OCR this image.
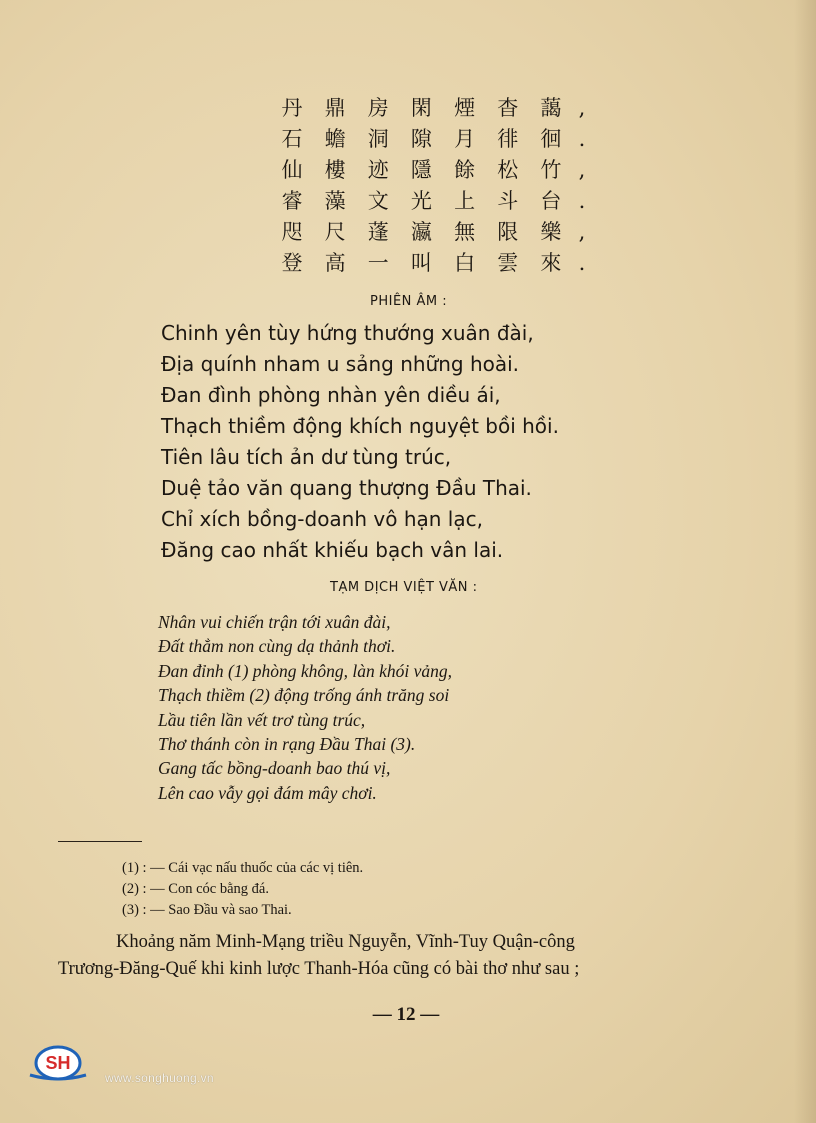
丹 鼎 房 閑 煙 杳 藹 ,
石 蟾 洞 隙 月 徘 徊 .
仙 樓 迹 隱 餘 松 竹 ,
睿 藻 文 光 上 斗 台 .
咫 尺 蓬 瀛 無 限 樂 ,
登 高 一 叫 白 雲 來 .
PHIÊN ÂM :
Chinh yên tùy hứng thướng xuân đài,
Địa quính nham u sảng những hoài.
Đan đình phòng nhàn yên diều ái,
Thạch thiềm động khích nguyệt bồi hồi.
Tiên lâu tích ản dư tùng trúc,
Duệ tảo văn quang thượng Đầu Thai.
Chỉ xích bồng-doanh vô hạn lạc,
Đăng cao nhất khiếu bạch vân lai.
TẠM DỊCH VIỆT VĂN :
Nhân vui chiến trận tới xuân đài,
Đất thẳm non cùng dạ thảnh thơi.
Đan đỉnh (1) phòng không, làn khói vảng,
Thạch thiềm (2) động trống ánh trăng soi
Lầu tiên lần vết trơ tùng trúc,
Thơ thánh còn in rạng Đầu Thai (3).
Gang tấc bồng-doanh bao thú vị,
Lên cao vẫy gọi đám mây chơi.
(1) : — Cái vạc nấu thuốc của các vị tiên.
(2) : — Con cóc bằng đá.
(3) : — Sao Đầu và sao Thai.
Khoảng năm Minh-Mạng triều Nguyễn, Vĩnh-Tuy Quận-công
Trương-Đăng-Quế khi kinh lược Thanh-Hóa cũng có bài thơ như sau ;
— 12 —
SH
www.songhuong.vn
